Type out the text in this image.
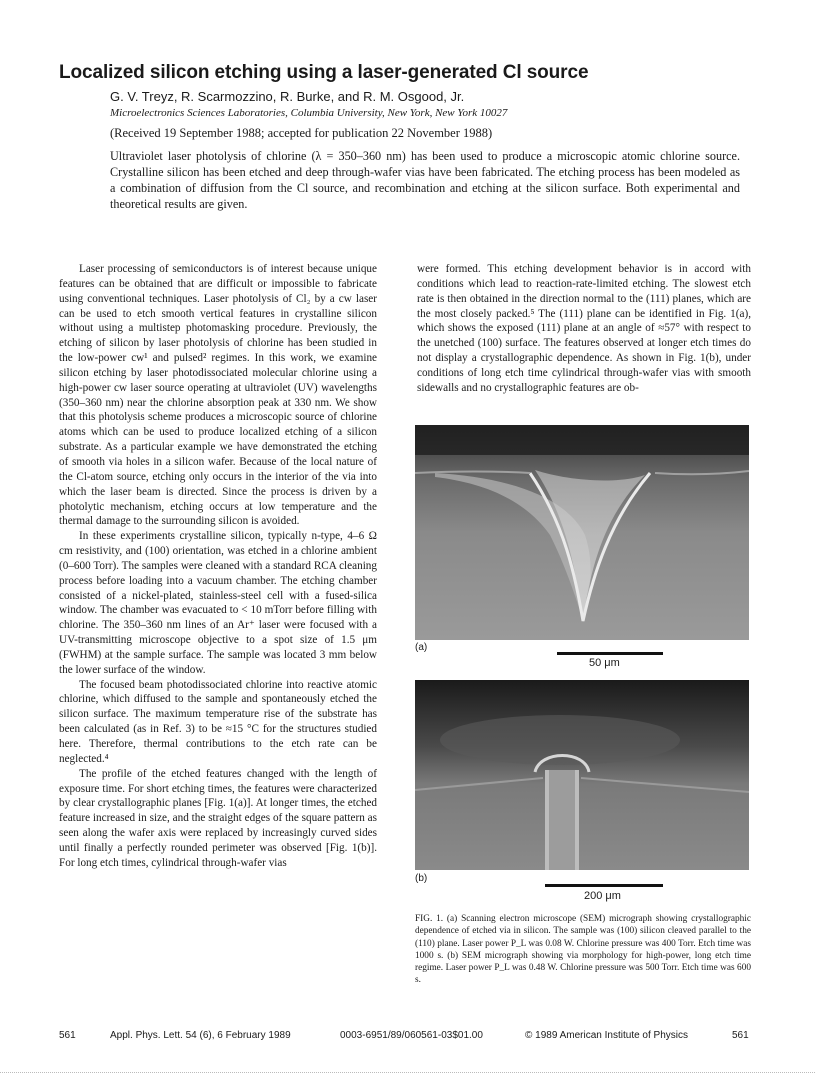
Localized silicon etching using a laser-generated Cl source
G. V. Treyz, R. Scarmozzino, R. Burke, and R. M. Osgood, Jr.
Microelectronics Sciences Laboratories, Columbia University, New York, New York 10027
(Received 19 September 1988; accepted for publication 22 November 1988)
Ultraviolet laser photolysis of chlorine (λ = 350–360 nm) has been used to produce a microscopic atomic chlorine source. Crystalline silicon has been etched and deep through-wafer vias have been fabricated. The etching process has been modeled as a combination of diffusion from the Cl source, and recombination and etching at the silicon surface. Both experimental and theoretical results are given.

Laser processing of semiconductors is of interest because unique features can be obtained that are difficult or impossible to fabricate using conventional techniques. Laser photolysis of Cl₂ by a cw laser can be used to etch smooth vertical features in crystalline silicon without using a multistep photomasking procedure. Previously, the etching of silicon by laser photolysis of chlorine has been studied in the low-power cw¹ and pulsed² regimes. In this work, we examine silicon etching by laser photodissociated molecular chlorine using a high-power cw laser source operating at ultraviolet (UV) wavelengths (350–360 nm) near the chlorine absorption peak at 330 nm. We show that this photolysis scheme produces a microscopic source of chlorine atoms which can be used to produce localized etching of a silicon substrate. As a particular example we have demonstrated the etching of smooth via holes in a silicon wafer. Because of the local nature of the Cl-atom source, etching only occurs in the interior of the via into which the laser beam is directed. Since the process is driven by a photolytic mechanism, etching occurs at low temperature and the thermal damage to the surrounding silicon is avoided.

In these experiments crystalline silicon, typically n-type, 4–6 Ω cm resistivity, and (100) orientation, was etched in a chlorine ambient (0–600 Torr). The samples were cleaned with a standard RCA cleaning process before loading into a vacuum chamber. The etching chamber consisted of a nickel-plated, stainless-steel cell with a fused-silica window. The chamber was evacuated to < 10 mTorr before filling with chlorine. The 350–360 nm lines of an Ar⁺ laser were focused with a UV-transmitting microscope objective to a spot size of 1.5 μm (FWHM) at the sample surface. The sample was located 3 mm below the lower surface of the window.

The focused beam photodissociated chlorine into reactive atomic chlorine, which diffused to the sample and spontaneously etched the silicon surface. The maximum temperature rise of the substrate has been calculated (as in Ref. 3) to be ≈15 °C for the structures studied here. Therefore, thermal contributions to the etch rate can be neglected.⁴

The profile of the etched features changed with the length of exposure time. For short etching times, the features were characterized by clear crystallographic planes [Fig. 1(a)]. At longer times, the etched feature increased in size, and the straight edges of the square pattern as seen along the wafer axis were replaced by increasingly curved sides until finally a perfectly rounded perimeter was observed [Fig. 1(b)]. For long etch times, cylindrical through-wafer vias

were formed. This etching development behavior is in accord with conditions which lead to reaction-rate-limited etching. The slowest etch rate is then obtained in the direction normal to the (111) planes, which are the most closely packed.⁵ The (111) plane can be identified in Fig. 1(a), which shows the exposed (111) plane at an angle of ≈57° with respect to the unetched (100) surface. The features observed at longer etch times do not display a crystallographic dependence. As shown in Fig. 1(b), under conditions of long etch time cylindrical through-wafer vias with smooth sidewalls and no crystallographic features are ob-

(a)
50 μm
(b)
200 μm
FIG. 1. (a) Scanning electron microscope (SEM) micrograph showing crystallographic dependence of etched via in silicon. The sample was (100) silicon cleaved parallel to the (110) plane. Laser power P_L was 0.08 W. Chlorine pressure was 400 Torr. Etch time was 1000 s. (b) SEM micrograph showing via morphology for high-power, long etch time regime. Laser power P_L was 0.48 W. Chlorine pressure was 500 Torr. Etch time was 600 s.
561	Appl. Phys. Lett. 54 (6), 6 February 1989	0003-6951/89/060561-03$01.00	© 1989 American Institute of Physics	561
